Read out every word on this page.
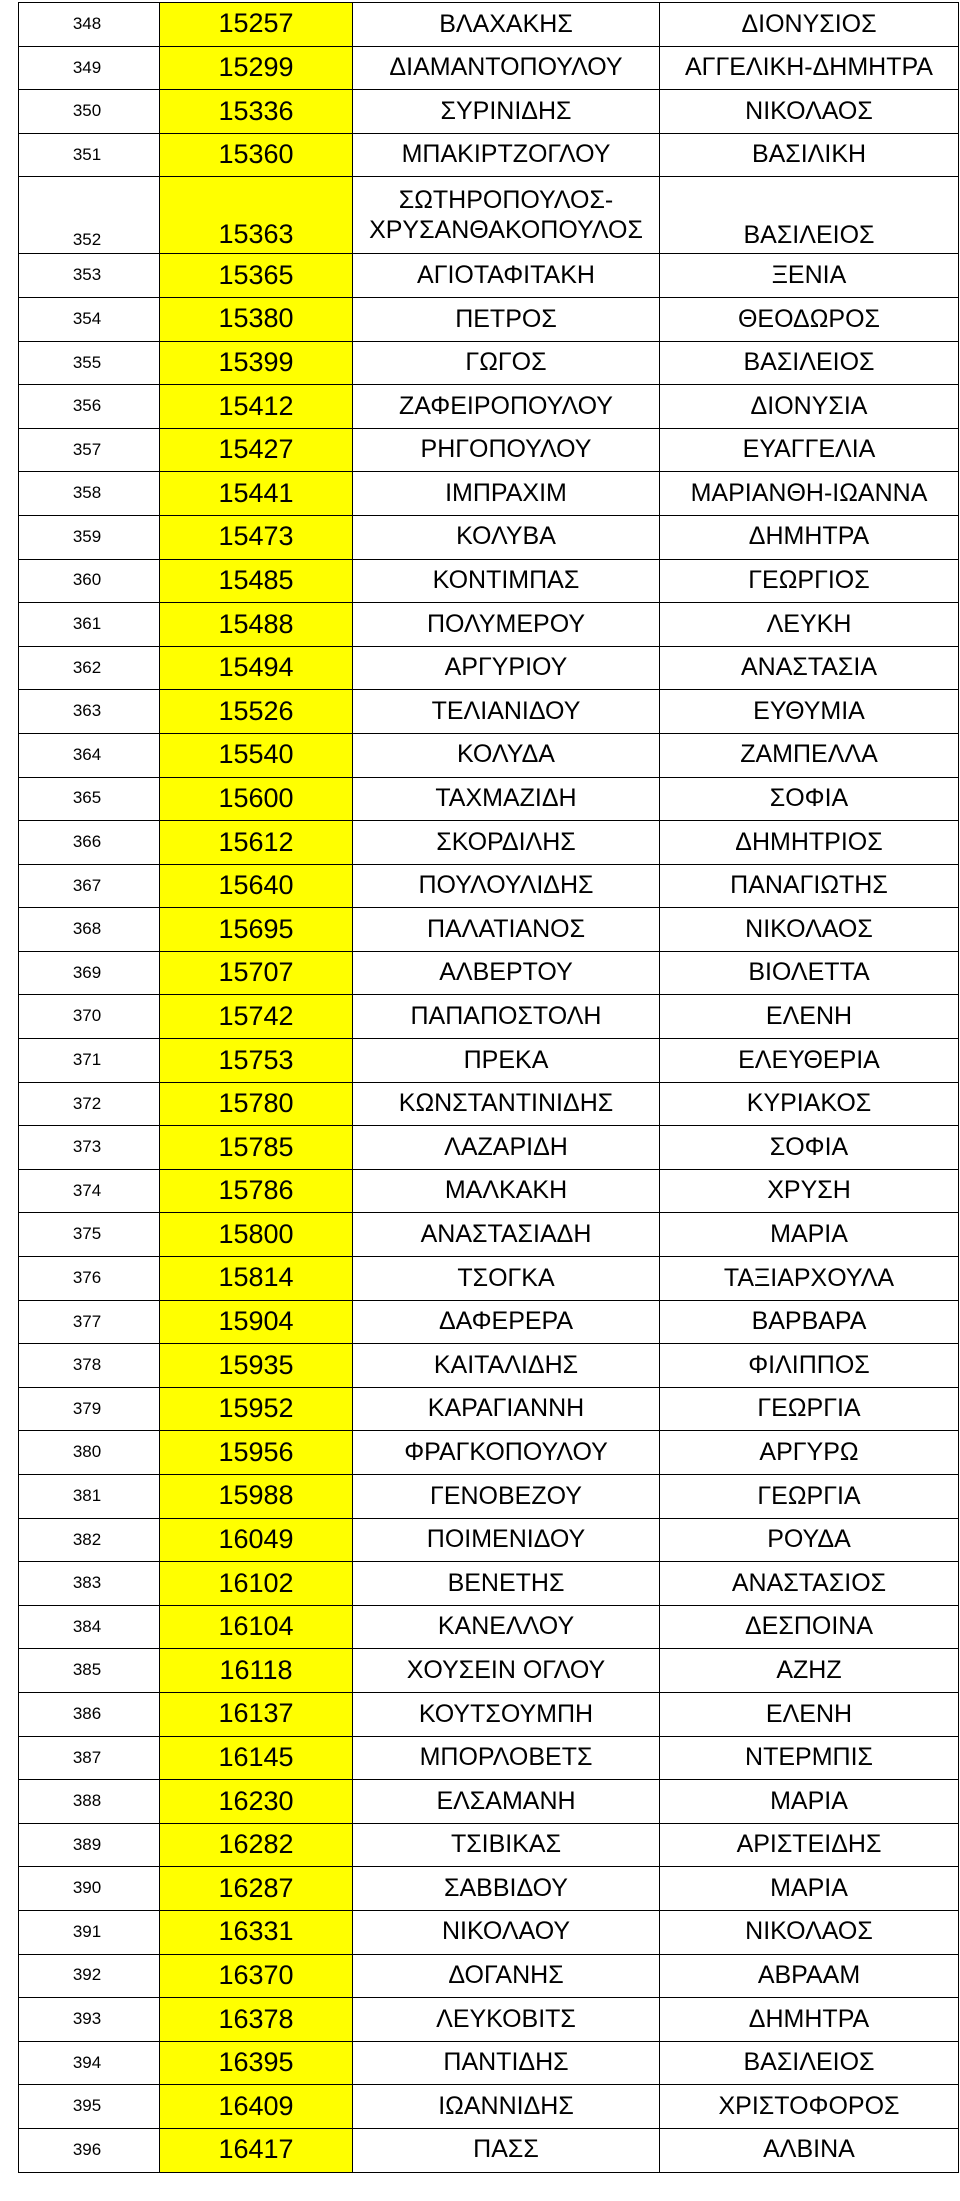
348	15257	ΒΛΑΧΑΚΗΣ	ΔΙΟΝΥΣΙΟΣ
349	15299	ΔΙΑΜΑΝΤΟΠΟΥΛΟΥ	ΑΓΓΕΛΙΚΗ-ΔΗΜΗΤΡΑ
350	15336	ΣΥΡΙΝΙΔΗΣ	ΝΙΚΟΛΑΟΣ
351	15360	ΜΠΑΚΙΡΤΖΟΓΛΟΥ	ΒΑΣΙΛΙΚΗ
352	15363	ΣΩΤΗΡΟΠΟΥΛΟΣ-ΧΡΥΣΑΝΘΑΚΟΠΟΥΛΟΣ	ΒΑΣΙΛΕΙΟΣ
353	15365	ΑΓΙΟΤΑΦΙΤΑΚΗ	ΞΕΝΙΑ
354	15380	ΠΕΤΡΟΣ	ΘΕΟΔΩΡΟΣ
355	15399	ΓΩΓΟΣ	ΒΑΣΙΛΕΙΟΣ
356	15412	ΖΑΦΕΙΡΟΠΟΥΛΟΥ	ΔΙΟΝΥΣΙΑ
357	15427	ΡΗΓΟΠΟΥΛΟΥ	ΕΥΑΓΓΕΛΙΑ
358	15441	ΙΜΠΡΑΧΙΜ	ΜΑΡΙΑΝΘΗ-ΙΩΑΝΝΑ
359	15473	ΚΟΛΥΒΑ	ΔΗΜΗΤΡΑ
360	15485	ΚΟΝΤΙΜΠΑΣ	ΓΕΩΡΓΙΟΣ
361	15488	ΠΟΛΥΜΕΡΟΥ	ΛΕΥΚΗ
362	15494	ΑΡΓΥΡΙΟΥ	ΑΝΑΣΤΑΣΙΑ
363	15526	ΤΕΛΙΑΝΙΔΟΥ	ΕΥΘΥΜΙΑ
364	15540	ΚΟΛΥΔΑ	ΖΑΜΠΕΛΛΑ
365	15600	ΤΑΧΜΑΖΙΔΗ	ΣΟΦΙΑ
366	15612	ΣΚΟΡΔΙΛΗΣ	ΔΗΜΗΤΡΙΟΣ
367	15640	ΠΟΥΛΟΥΛΙΔΗΣ	ΠΑΝΑΓΙΩΤΗΣ
368	15695	ΠΑΛΑΤΙΑΝΟΣ	ΝΙΚΟΛΑΟΣ
369	15707	ΑΛΒΕΡΤΟΥ	ΒΙΟΛΕΤΤΑ
370	15742	ΠΑΠΑΠΟΣΤΟΛΗ	ΕΛΕΝΗ
371	15753	ΠΡΕΚΑ	ΕΛΕΥΘΕΡΙΑ
372	15780	ΚΩΝΣΤΑΝΤΙΝΙΔΗΣ	ΚΥΡΙΑΚΟΣ
373	15785	ΛΑΖΑΡΙΔΗ	ΣΟΦΙΑ
374	15786	ΜΑΛΚΑΚΗ	ΧΡΥΣΗ
375	15800	ΑΝΑΣΤΑΣΙΑΔΗ	ΜΑΡΙΑ
376	15814	ΤΣΟΓΚΑ	ΤΑΞΙΑΡΧΟΥΛΑ
377	15904	ΔΑΦΕΡΕΡΑ	ΒΑΡΒΑΡΑ
378	15935	ΚΑΙΤΑΛΙΔΗΣ	ΦΙΛΙΠΠΟΣ
379	15952	ΚΑΡΑΓΙΑΝΝΗ	ΓΕΩΡΓΙΑ
380	15956	ΦΡΑΓΚΟΠΟΥΛΟΥ	ΑΡΓΥΡΩ
381	15988	ΓΕΝΟΒΕΖΟΥ	ΓΕΩΡΓΙΑ
382	16049	ΠΟΙΜΕΝΙΔΟΥ	ΡΟΥΔΑ
383	16102	ΒΕΝΕΤΗΣ	ΑΝΑΣΤΑΣΙΟΣ
384	16104	ΚΑΝΕΛΛΟΥ	ΔΕΣΠΟΙΝΑ
385	16118	ΧΟΥΣΕΙΝ ΟΓΛΟΥ	ΑΖΗΖ
386	16137	ΚΟΥΤΣΟΥΜΠΗ	ΕΛΕΝΗ
387	16145	ΜΠΟΡΛΟΒΕΤΣ	ΝΤΕΡΜΠΙΣ
388	16230	ΕΛΣΑΜΑΝΗ	ΜΑΡΙΑ
389	16282	ΤΣΙΒΙΚΑΣ	ΑΡΙΣΤΕΙΔΗΣ
390	16287	ΣΑΒΒΙΔΟΥ	ΜΑΡΙΑ
391	16331	ΝΙΚΟΛΑΟΥ	ΝΙΚΟΛΑΟΣ
392	16370	ΔΟΓΑΝΗΣ	ΑΒΡΑΑΜ
393	16378	ΛΕΥΚΟΒΙΤΣ	ΔΗΜΗΤΡΑ
394	16395	ΠΑΝΤΙΔΗΣ	ΒΑΣΙΛΕΙΟΣ
395	16409	ΙΩΑΝΝΙΔΗΣ	ΧΡΙΣΤΟΦΟΡΟΣ
396	16417	ΠΑΣΣ	ΑΛΒΙΝΑ
